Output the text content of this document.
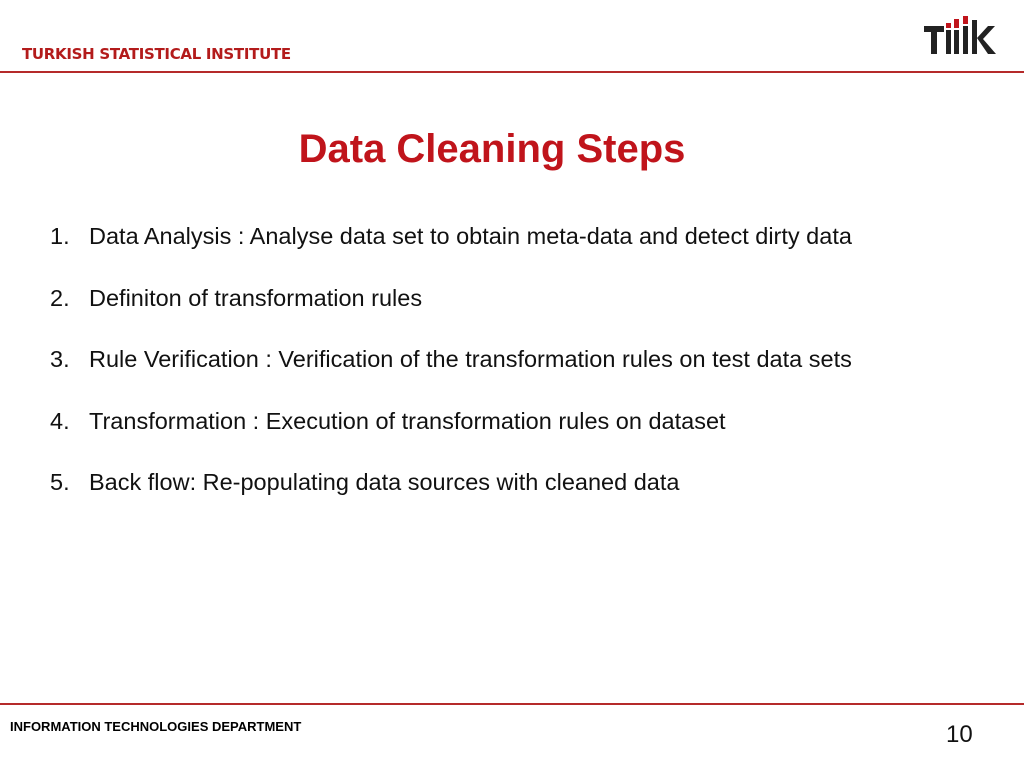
TURKISH STATISTICAL INSTITUTE
Data Cleaning Steps
1. Data Analysis : Analyse data set to obtain meta-data and detect dirty data
2. Definiton of transformation rules
3. Rule Verification : Verification of the transformation rules on test data sets
4. Transformation : Execution of transformation rules on dataset
5. Back flow: Re-populating data sources with cleaned data
INFORMATION TECHNOLOGIES DEPARTMENT	10
